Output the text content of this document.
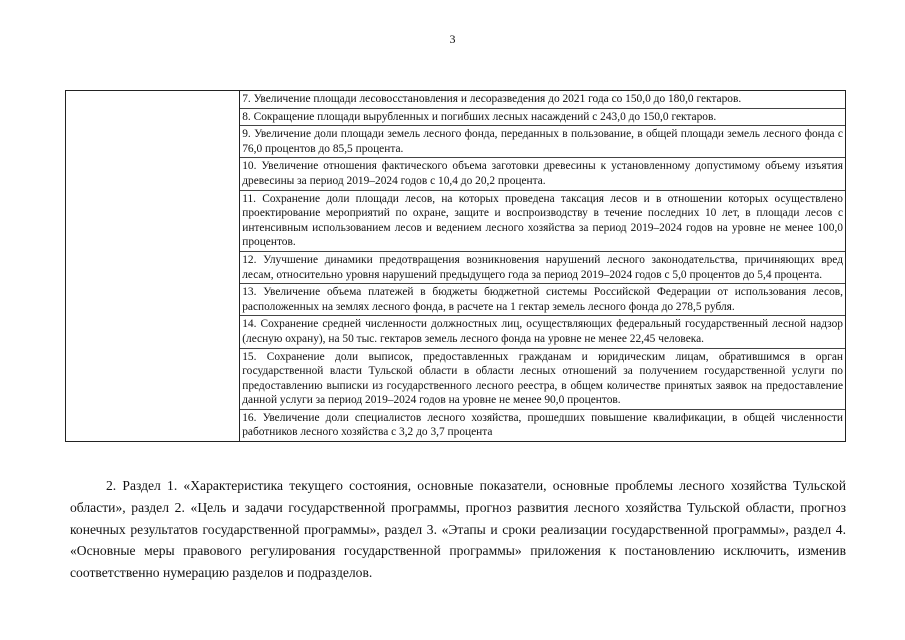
3

7. Увеличение площади лесовосстановления и лесоразведения до 2021 года со 150,0 до 180,0 гектаров.
8. Сокращение площади вырубленных и погибших лесных насаждений с 243,0 до 150,0 гектаров.
9. Увеличение доли площади земель лесного фонда, переданных в пользование, в общей площади земель лесного фонда с 76,0 процентов до 85,5 процента.
10. Увеличение отношения фактического объема заготовки древесины к установленному допустимому объему изъятия древесины за период 2019–2024 годов с 10,4 до 20,2 процента.
11. Сохранение доли площади лесов, на которых проведена таксация лесов и в отношении которых осуществлено проектирование мероприятий по охране, защите и воспроизводству в течение последних 10 лет, в площади лесов с интенсивным использованием лесов и ведением лесного хозяйства за период 2019–2024 годов на уровне не менее 100,0 процентов.
12. Улучшение динамики предотвращения возникновения нарушений лесного законодательства, причиняющих вред лесам, относительно уровня нарушений предыдущего года за период 2019–2024 годов с 5,0 процентов до 5,4 процента.
13. Увеличение объема платежей в бюджеты бюджетной системы Российской Федерации от использования лесов, расположенных на землях лесного фонда, в расчете на 1 гектар земель лесного фонда до 278,5 рубля.
14. Сохранение средней численности должностных лиц, осуществляющих федеральный государственный лесной надзор (лесную охрану), на 50 тыс. гектаров земель лесного фонда на уровне не менее 22,45 человека.
15. Сохранение доли выписок, предоставленных гражданам и юридическим лицам, обратившимся в орган государственной власти Тульской области в области лесных отношений за получением государственной услуги по предоставлению выписки из государственного лесного реестра, в общем количестве принятых заявок на предоставление данной услуги за период 2019–2024 годов на уровне не менее 90,0 процентов.
16. Увеличение доли специалистов лесного хозяйства, прошедших повышение квалификации, в общей численности работников лесного хозяйства с 3,2 до 3,7 процента
2. Раздел 1. «Характеристика текущего состояния, основные показатели, основные проблемы лесного хозяйства Тульской области», раздел 2. «Цель и задачи государственной программы, прогноз развития лесного хозяйства Тульской области, прогноз конечных результатов государственной программы», раздел 3. «Этапы и сроки реализации государственной программы», раздел 4. «Основные меры правового регулирования государственной программы» приложения к постановлению исключить, изменив соответственно нумерацию разделов и подразделов.
